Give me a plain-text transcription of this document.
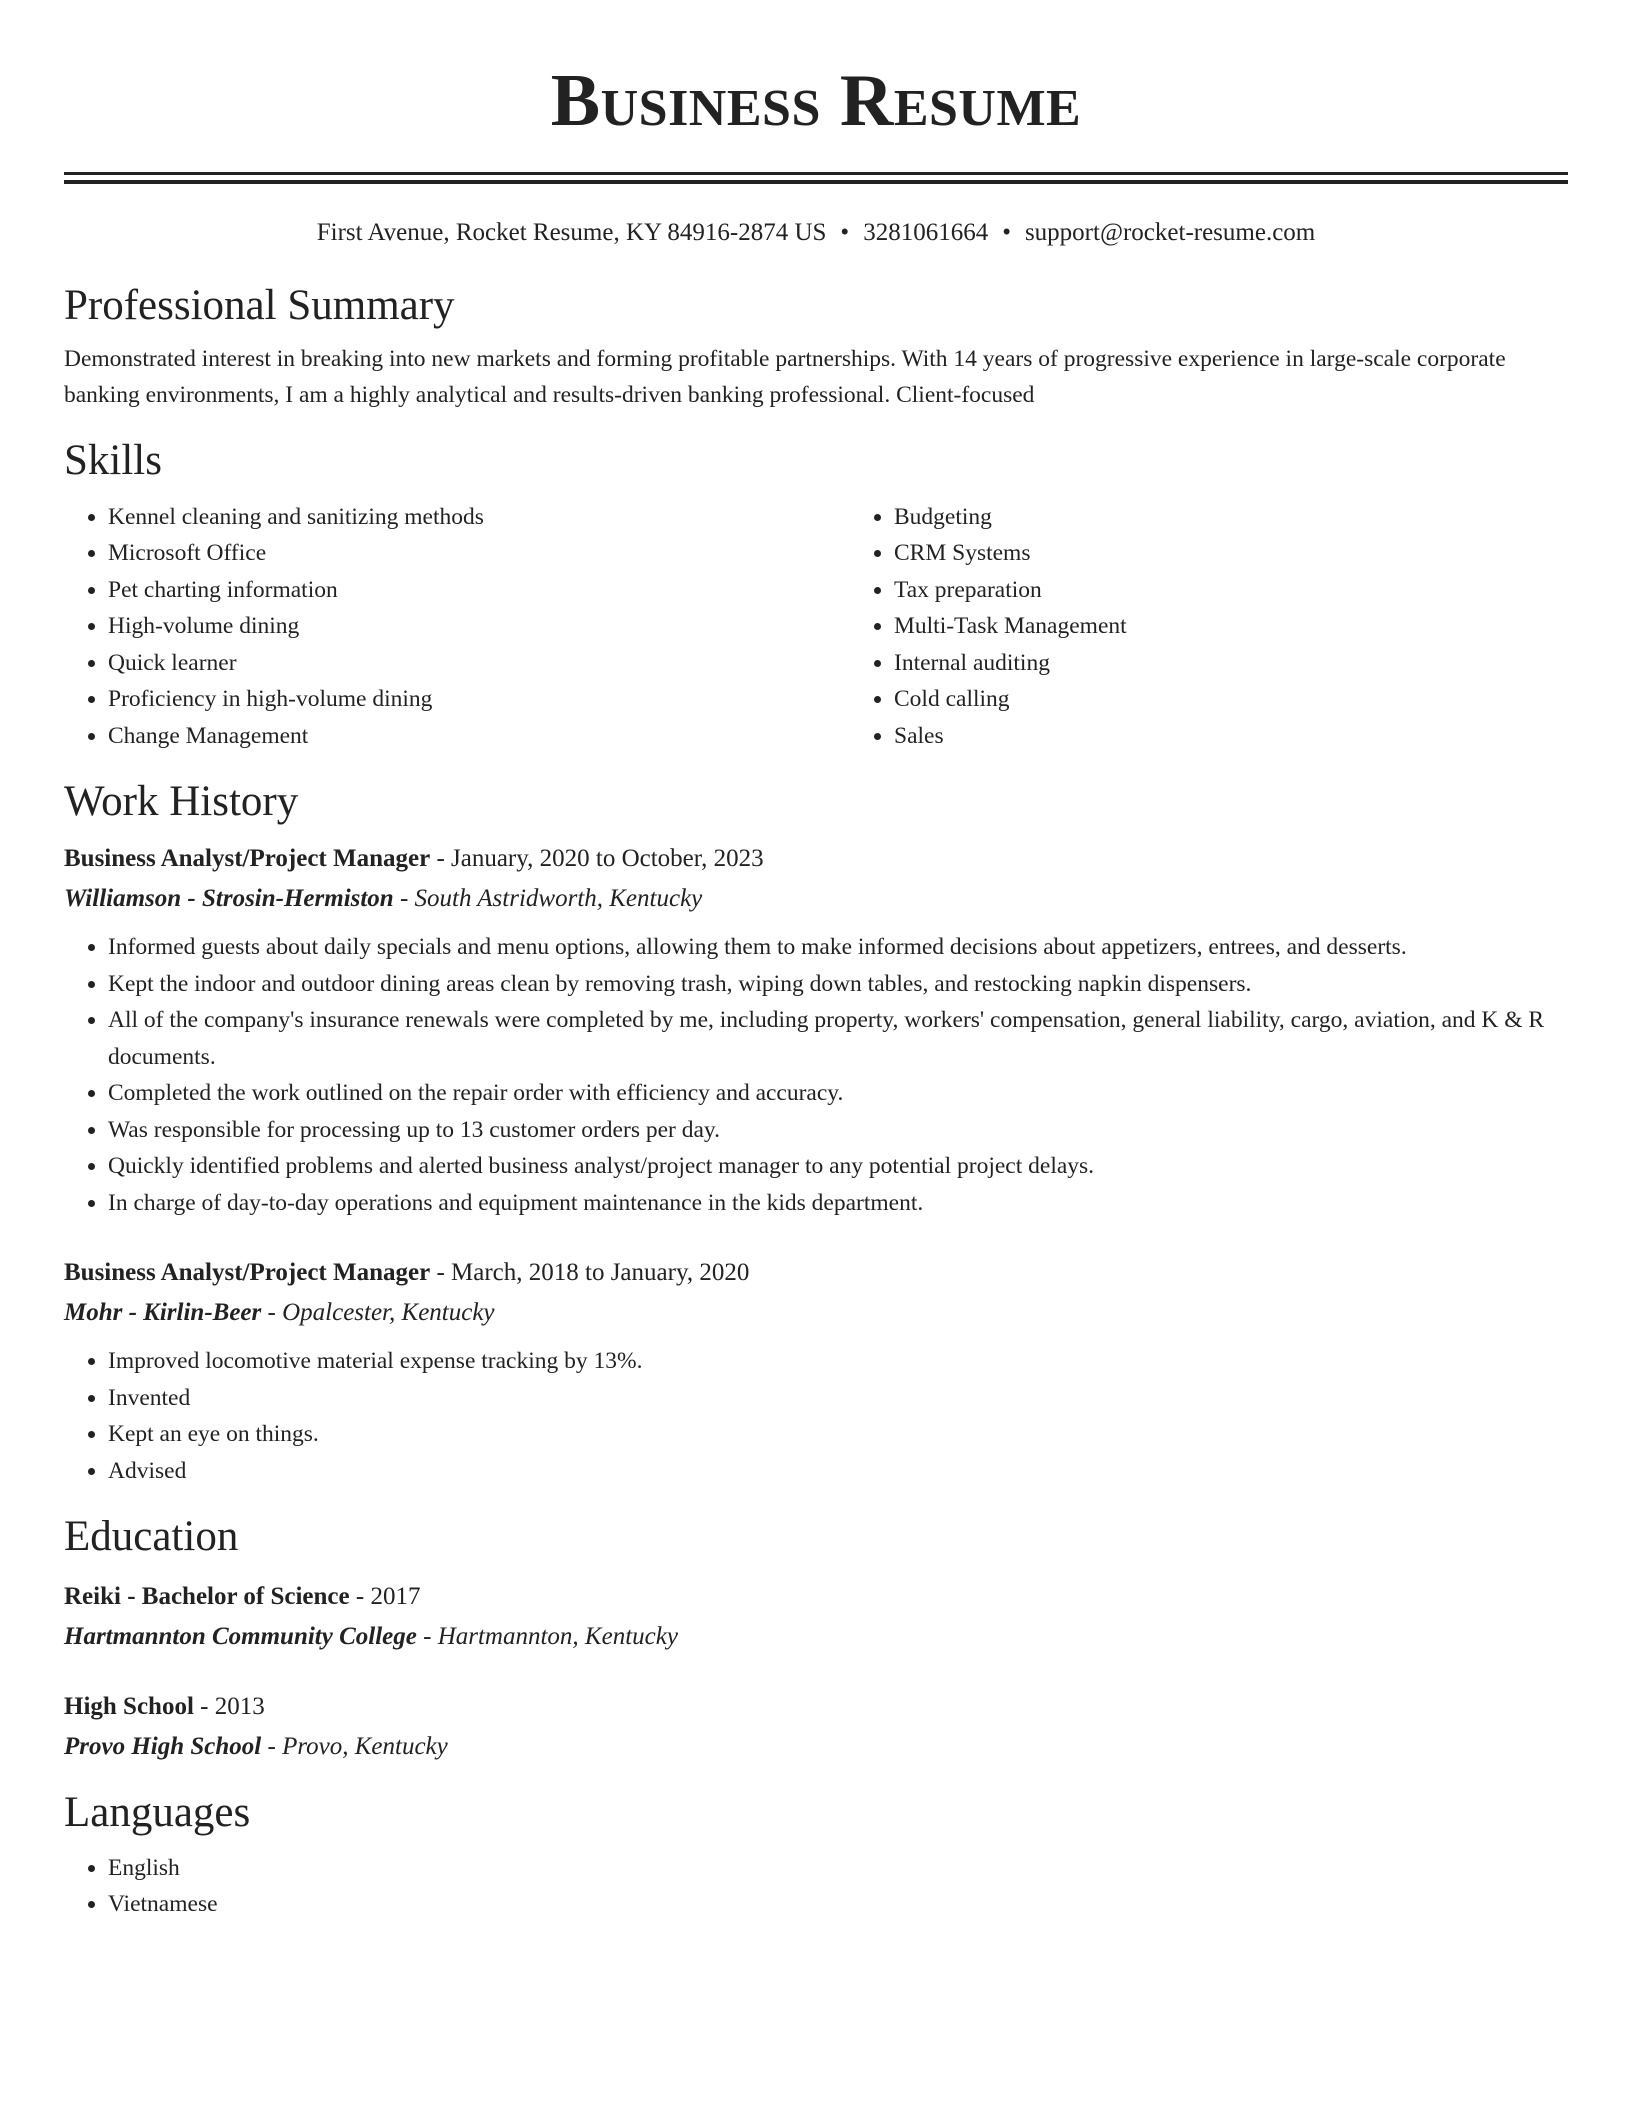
Business Resume
First Avenue, Rocket Resume, KY 84916-2874 US • 3281061664 • support@rocket-resume.com
Professional Summary

Demonstrated interest in breaking into new markets and forming profitable partnerships. With 14 years of progressive experience in large-scale corporate banking environments, I am a highly analytical and results-driven banking professional. Client-focused

Skills
• Kennel cleaning and sanitizing methods
• Microsoft Office
• Pet charting information
• High-volume dining
• Quick learner
• Proficiency in high-volume dining
• Change Management
• Budgeting
• CRM Systems
• Tax preparation
• Multi-Task Management
• Internal auditing
• Cold calling
• Sales
Work History

Business Analyst/Project Manager - January, 2020 to October, 2023

Williamson - Strosin-Hermiston - South Astridworth, Kentucky

• Informed guests about daily specials and menu options, allowing them to make informed decisions about appetizers, entrees, and desserts.
• Kept the indoor and outdoor dining areas clean by removing trash, wiping down tables, and restocking napkin dispensers.
• All of the company's insurance renewals were completed by me, including property, workers' compensation, general liability, cargo, aviation, and K & R documents.
• Completed the work outlined on the repair order with efficiency and accuracy.
• Was responsible for processing up to 13 customer orders per day.
• Quickly identified problems and alerted business analyst/project manager to any potential project delays.
• In charge of day-to-day operations and equipment maintenance in the kids department.

Business Analyst/Project Manager - March, 2018 to January, 2020

Mohr - Kirlin-Beer - Opalcester, Kentucky

• Improved locomotive material expense tracking by 13%.
• Invented
• Kept an eye on things.
• Advised
Education

Reiki - Bachelor of Science - 2017

Hartmannton Community College - Hartmannton, Kentucky

High School - 2013

Provo High School - Provo, Kentucky

Languages
• English
• Vietnamese
